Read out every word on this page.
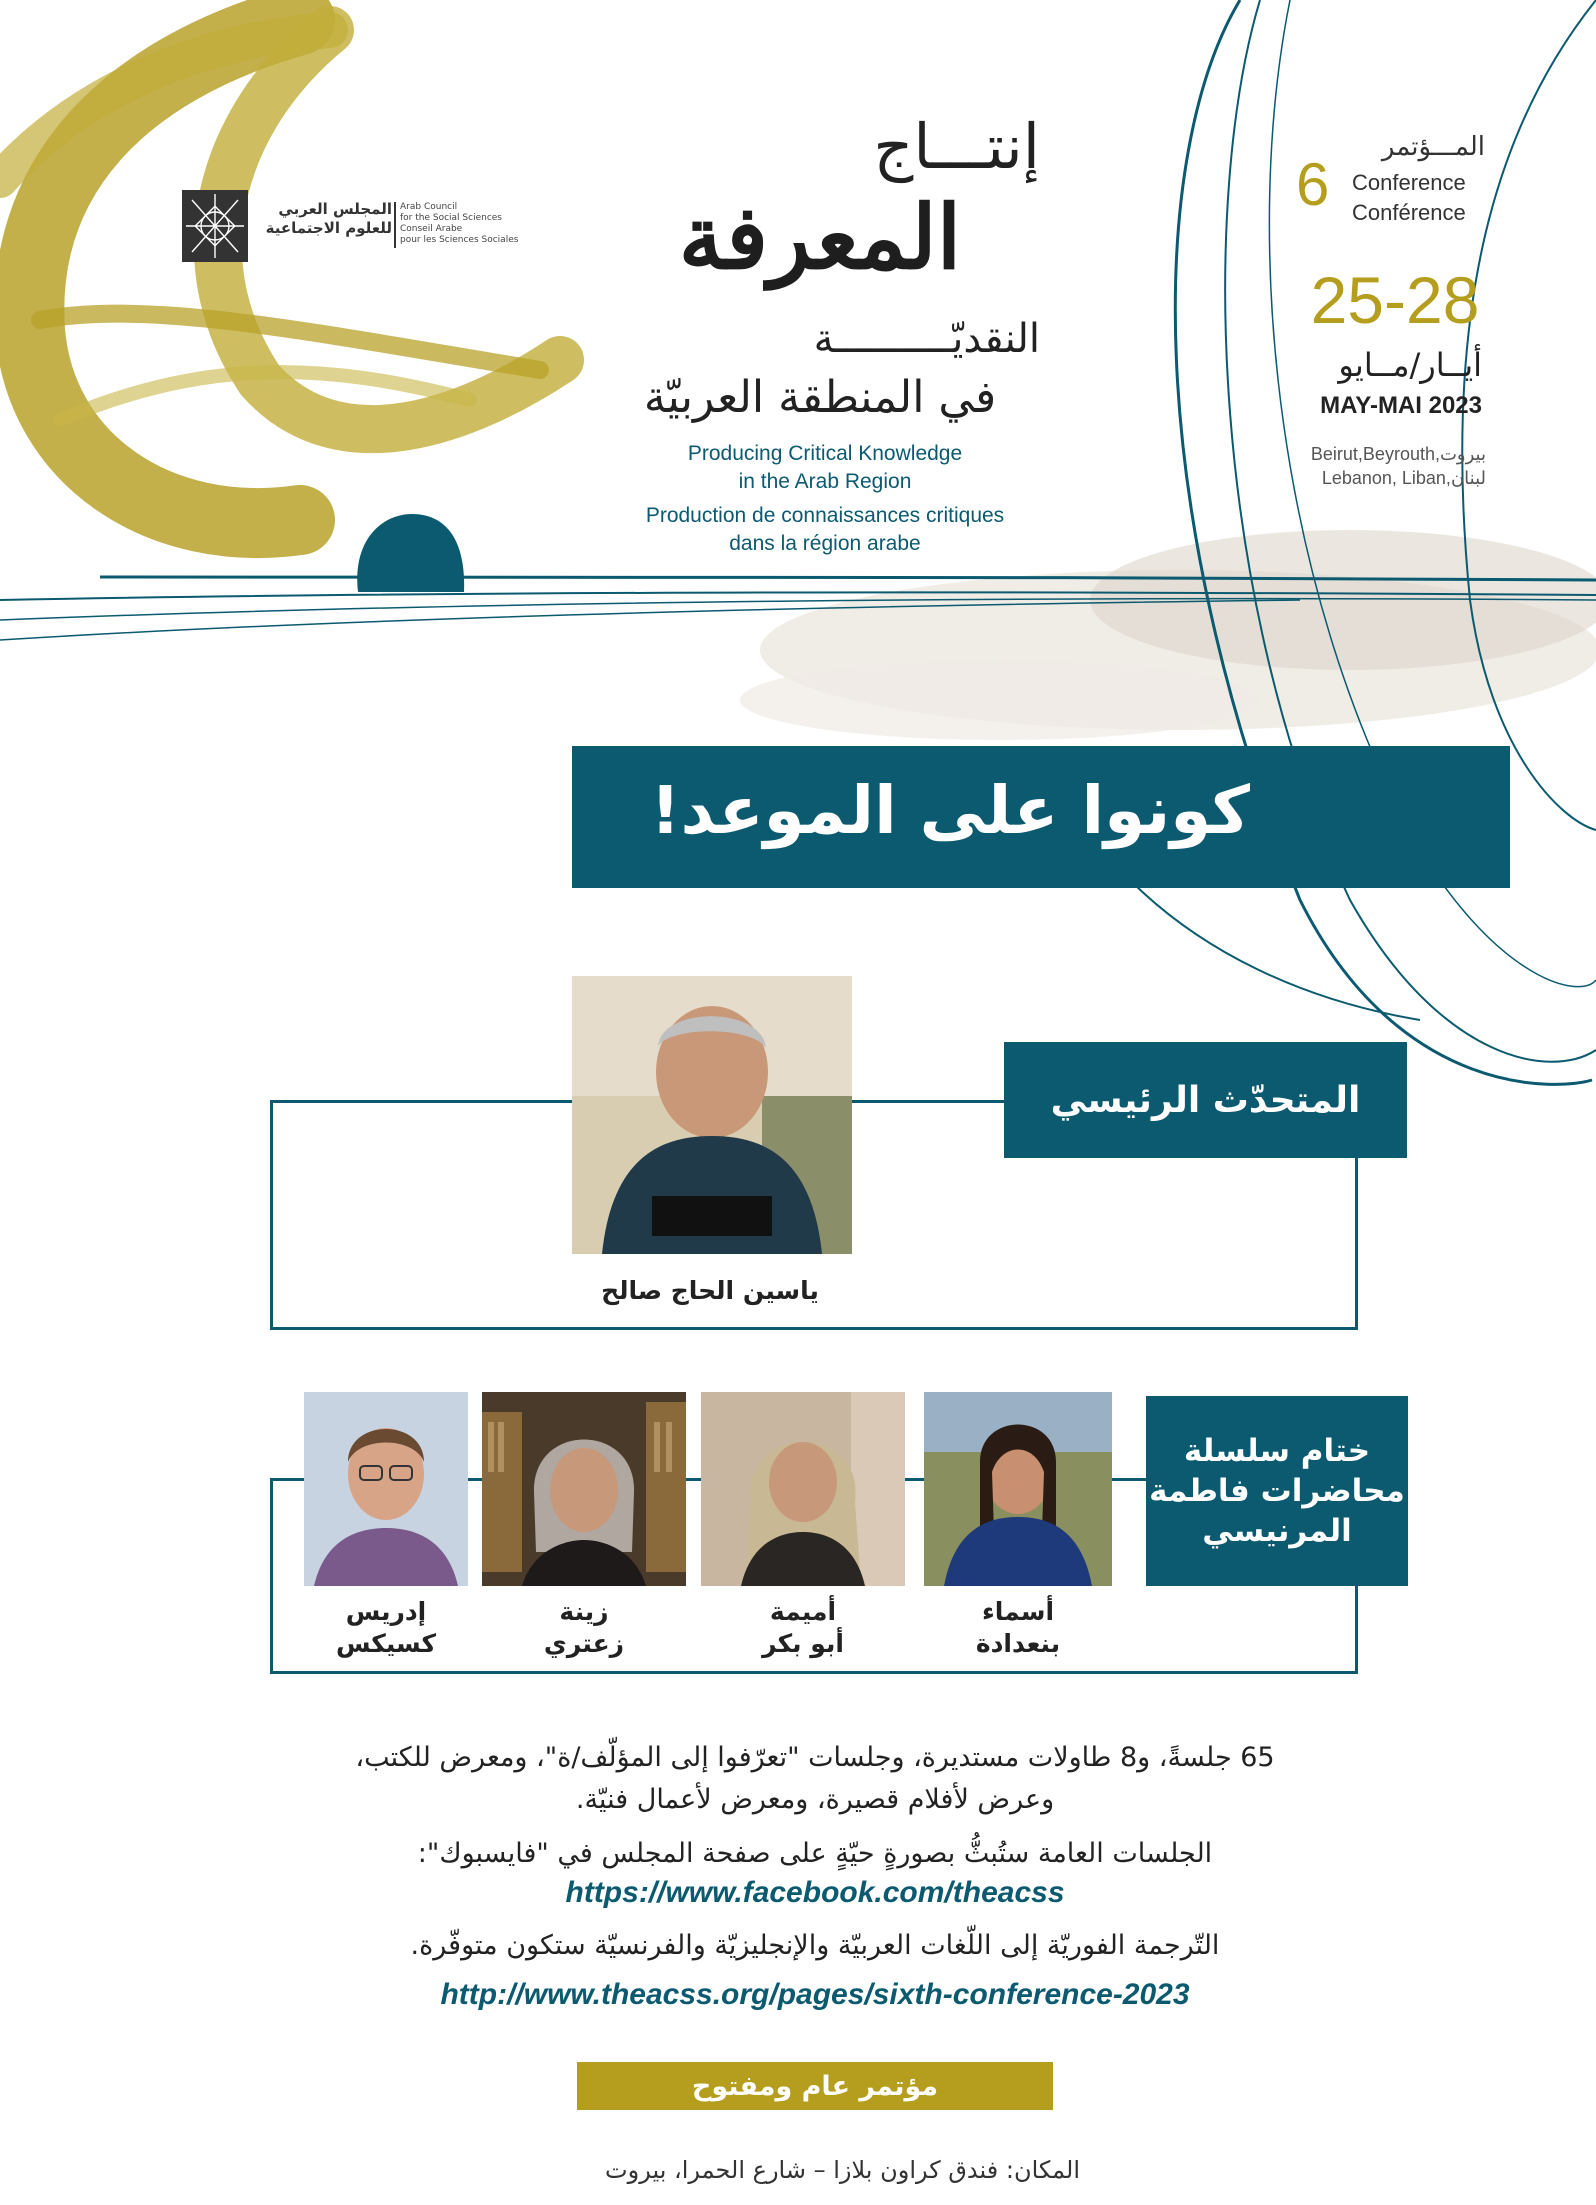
المجلس العربي
للعلوم الاجتماعية
Arab Council
for the Social Sciences
Conseil Arabe
pour les Sciences Sociales
إنتـــاج
المعرفة
النقديّــــــــــة
في المنطقة العربيّة
Producing Critical Knowledge
in the Arab Region
Production de connaissances critiques
dans la région arabe
6
المـــؤتمر
Conference
Conférence
25-28
أيــار/مــايو
MAY-MAI 2023
Beirut,Beyrouth,بيروت
Lebanon, Liban,لبنان
كونوا على الموعد!
المتحدّث الرئيسي
ياسين الحاج صالح
ختام سلسلة محاضرات فاطمة المرنيسي
أسماء
بنعدادة
أميمة
أبو بكر
زينة
زعتري
إدريس
كسيكس
65 جلسةً، و8 طاولات مستديرة، وجلسات "تعرّفوا إلى المؤلّف/ة"، ومعرض للكتب،
وعرض لأفلام قصيرة، ومعرض لأعمال فنيّة.
الجلسات العامة ستُبثُّ بصورةٍ حيّةٍ على صفحة المجلس في "فايسبوك":
https://www.facebook.com/theacss
التّرجمة الفوريّة إلى اللّغات العربيّة والإنجليزيّة والفرنسيّة ستكون متوفّرة.
http://www.theacss.org/pages/sixth-conference-2023
مؤتمر عام ومفتوح
المكان: فندق كراون بلازا – شارع الحمرا، بيروت
